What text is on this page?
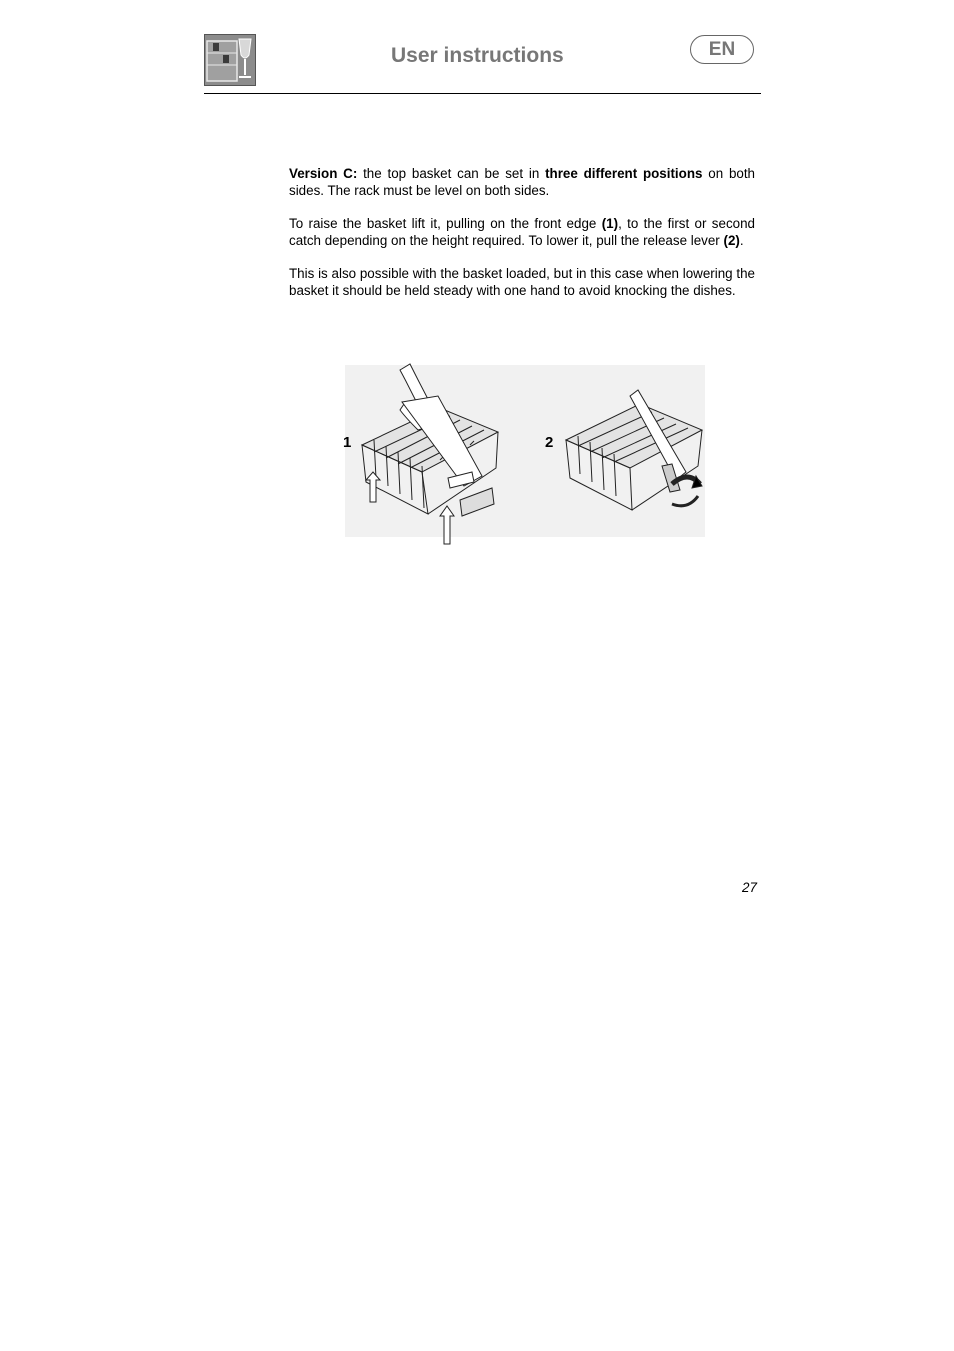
User instructions	EN

Version C: the top basket can be set in three different positions on both sides. The rack must be level on both sides.

To raise the basket lift it, pulling on the front edge (1), to the first or second catch depending on the height required. To lower it, pull the release lever (2).

This is also possible with the basket loaded, but in this case when lowering the basket it should be held steady with one hand to avoid knocking the dishes.

1	2
27
